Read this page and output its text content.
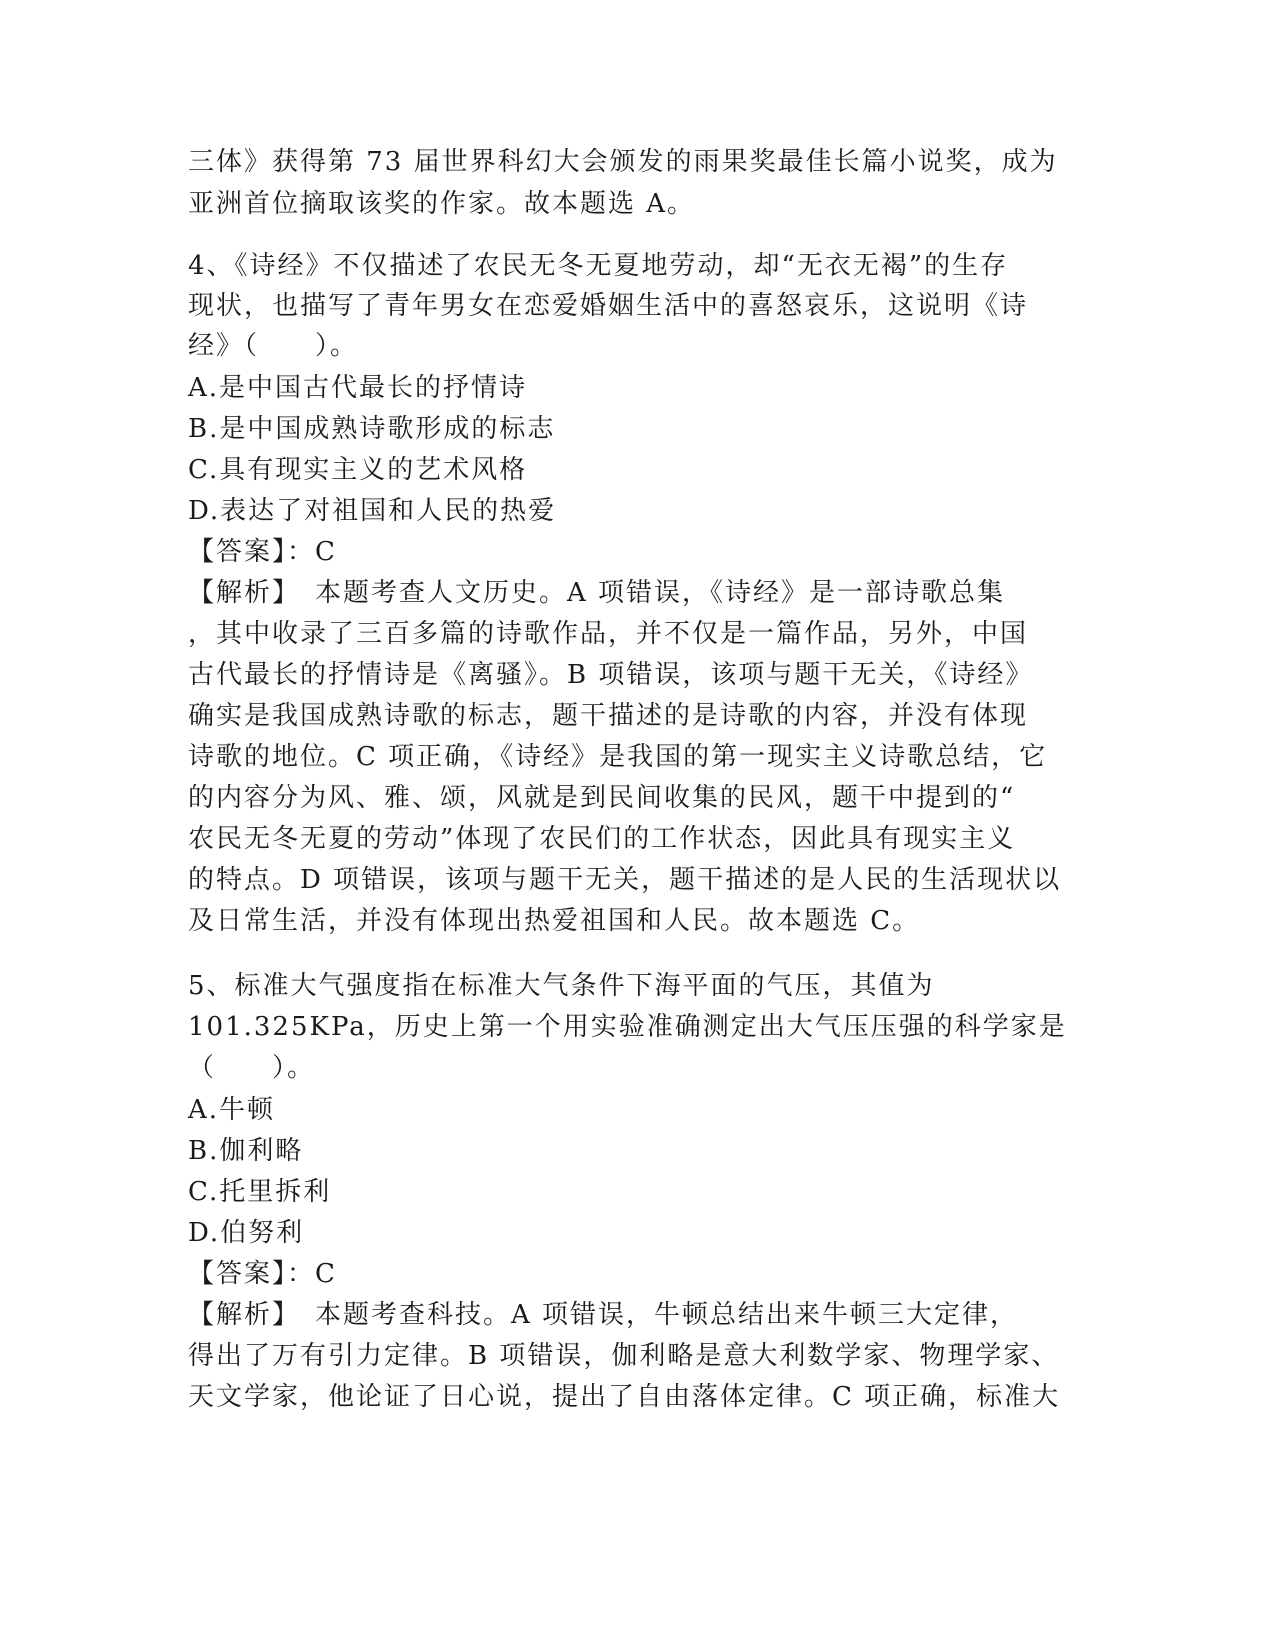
三体》获得第 73 届世界科幻大会颁发的雨果奖最佳长篇小说奖，成为
亚洲首位摘取该奖的作家。故本题选 A。
4、《诗经》不仅描述了农民无冬无夏地劳动，却“无衣无褐”的生存
现状，也描写了青年男女在恋爱婚姻生活中的喜怒哀乐，这说明《诗
经》（　　）。
A.是中国古代最长的抒情诗
B.是中国成熟诗歌形成的标志
C.具有现实主义的艺术风格
D.表达了对祖国和人民的热爱
【答案】：C
【解析】　本题考查人文历史。A 项错误，《诗经》是一部诗歌总集
，其中收录了三百多篇的诗歌作品，并不仅是一篇作品，另外，中国
古代最长的抒情诗是《离骚》。B 项错误，该项与题干无关，《诗经》
确实是我国成熟诗歌的标志，题干描述的是诗歌的内容，并没有体现
诗歌的地位。C 项正确，《诗经》是我国的第一现实主义诗歌总结，它
的内容分为风、雅、颂，风就是到民间收集的民风，题干中提到的“
农民无冬无夏的劳动”体现了农民们的工作状态，因此具有现实主义
的特点。D 项错误，该项与题干无关，题干描述的是人民的生活现状以
及日常生活，并没有体现出热爱祖国和人民。故本题选 C。
5、标准大气强度指在标准大气条件下海平面的气压，其值为
101.325KPa，历史上第一个用实验准确测定出大气压压强的科学家是
（　　）。
A.牛顿
B.伽利略
C.托里拆利
D.伯努利
【答案】：C
【解析】　本题考查科技。A 项错误，牛顿总结出来牛顿三大定律，
得出了万有引力定律。B 项错误，伽利略是意大利数学家、物理学家、
天文学家，他论证了日心说，提出了自由落体定律。C 项正确，标准大
